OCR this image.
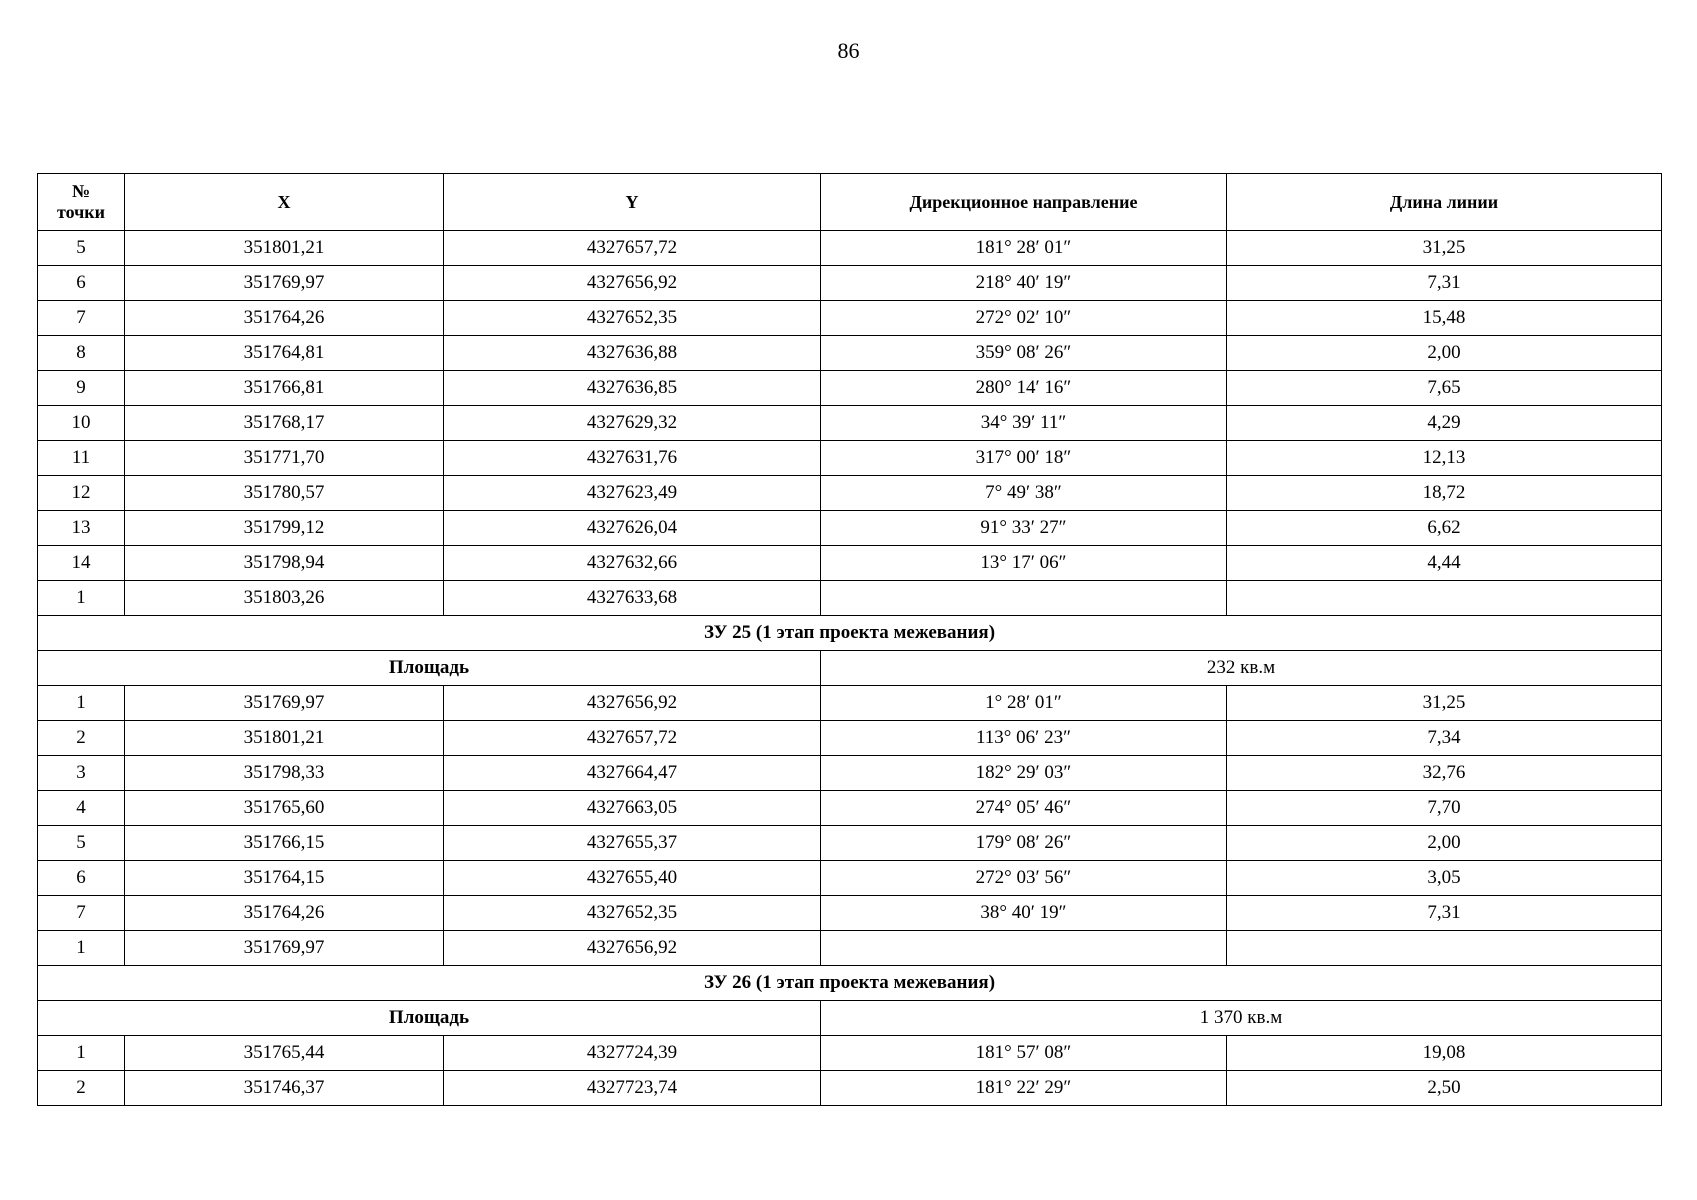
86
№
точки	X	Y	Дирекционное направление	Длина линии
5	351801,21	4327657,72	181° 28′ 01″	31,25
6	351769,97	4327656,92	218° 40′ 19″	7,31
7	351764,26	4327652,35	272° 02′ 10″	15,48
8	351764,81	4327636,88	359° 08′ 26″	2,00
9	351766,81	4327636,85	280° 14′ 16″	7,65
10	351768,17	4327629,32	34° 39′ 11″	4,29
11	351771,70	4327631,76	317° 00′ 18″	12,13
12	351780,57	4327623,49	7° 49′ 38″	18,72
13	351799,12	4327626,04	91° 33′ 27″	6,62
14	351798,94	4327632,66	13° 17′ 06″	4,44
1	351803,26	4327633,68		
ЗУ 25 (1 этап проекта межевания)				
Площадь			232 кв.м	
1	351769,97	4327656,92	1° 28′ 01″	31,25
2	351801,21	4327657,72	113° 06′ 23″	7,34
3	351798,33	4327664,47	182° 29′ 03″	32,76
4	351765,60	4327663,05	274° 05′ 46″	7,70
5	351766,15	4327655,37	179° 08′ 26″	2,00
6	351764,15	4327655,40	272° 03′ 56″	3,05
7	351764,26	4327652,35	38° 40′ 19″	7,31
1	351769,97	4327656,92		
ЗУ 26 (1 этап проекта межевания)				
Площадь			1 370 кв.м	
1	351765,44	4327724,39	181° 57′ 08″	19,08
2	351746,37	4327723,74	181° 22′ 29″	2,50
